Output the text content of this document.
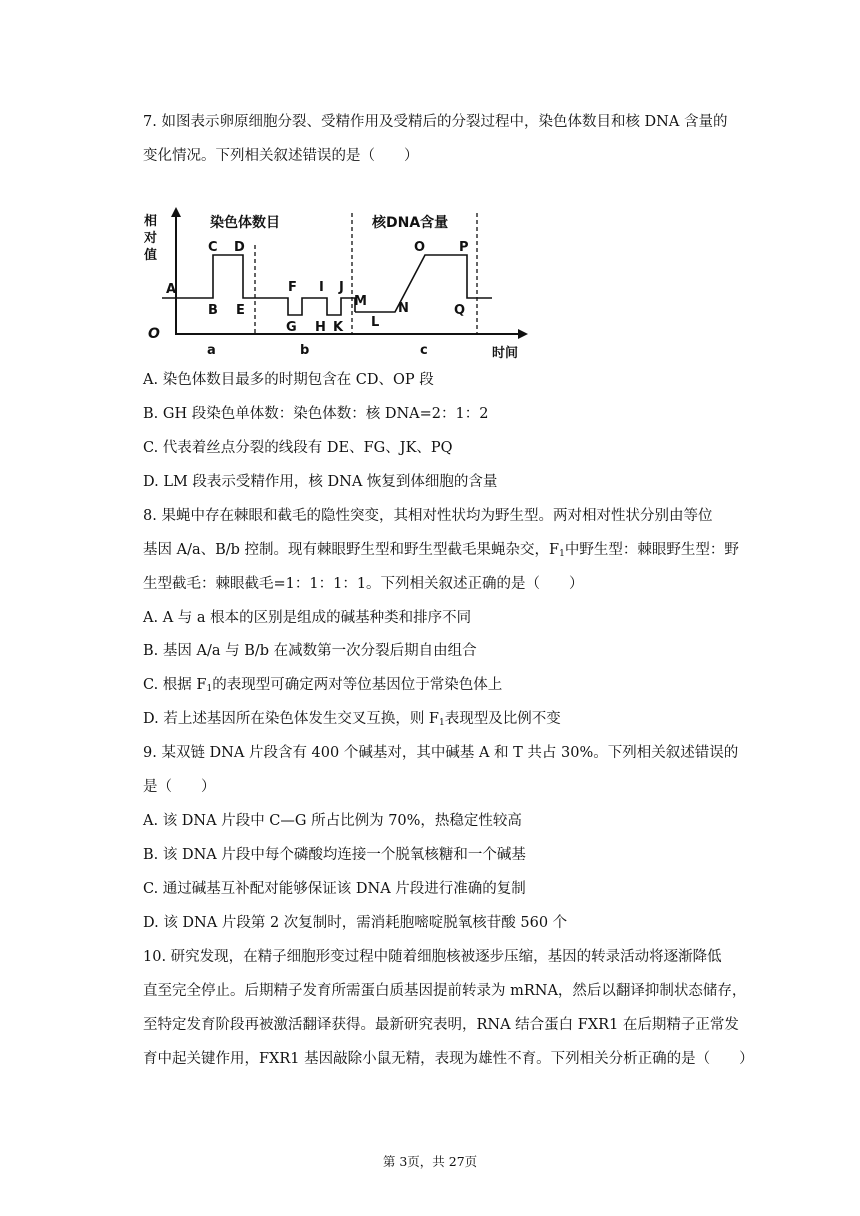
7. 如图表示卵原细胞分裂、受精作用及受精后的分裂过程中，染色体数目和核 DNA 含量的
变化情况。下列相关叙述错误的是（　　）
相
对
值
O
时间
染色体数目	核DNA含量
A
B
C D
E
F
G H
I J
K L
M N
O	P
Q
a	b	c
A. 染色体数目最多的时期包含在 CD、OP 段
B. GH 段染色单体数：染色体数：核 DNA=2：1：2
C. 代表着丝点分裂的线段有 DE、FG、JK、PQ
D. LM 段表示受精作用，核 DNA 恢复到体细胞的含量
8. 果蝇中存在棘眼和截毛的隐性突变，其相对性状均为野生型。两对相对性状分别由等位
基因 A/a、B/b 控制。现有棘眼野生型和野生型截毛果蝇杂交，$F_1$中野生型：棘眼野生型：野
生型截毛：棘眼截毛=1：1：1：1。下列相关叙述正确的是（　　）
A. A 与 a 根本的区别是组成的碱基种类和排序不同
B. 基因 A/a 与 B/b 在减数第一次分裂后期自由组合
C. 根据 $F_1$的表现型可确定两对等位基因位于常染色体上
D. 若上述基因所在染色体发生交叉互换，则 $F_1$表现型及比例不变
9. 某双链 DNA 片段含有 400 个碱基对，其中碱基 A 和 T 共占 30%。下列相关叙述错误的
是（　　）
A. 该 DNA 片段中 C—G 所占比例为 70%，热稳定性较高
B. 该 DNA 片段中每个磷酸均连接一个脱氧核糖和一个碱基
C. 通过碱基互补配对能够保证该 DNA 片段进行准确的复制
D. 该 DNA 片段第 2 次复制时，需消耗胞嘧啶脱氧核苷酸 560 个
10. 研究发现，在精子细胞形变过程中随着细胞核被逐步压缩，基因的转录活动将逐渐降低
直至完全停止。后期精子发育所需蛋白质基因提前转录为 mRNA，然后以翻译抑制状态储存，
至特定发育阶段再被激活翻译获得。最新研究表明，RNA 结合蛋白 FXR1 在后期精子正常发
育中起关键作用，FXR1 基因敲除小鼠无精，表现为雄性不育。下列相关分析正确的是（　　）
第 3页，共 27页
